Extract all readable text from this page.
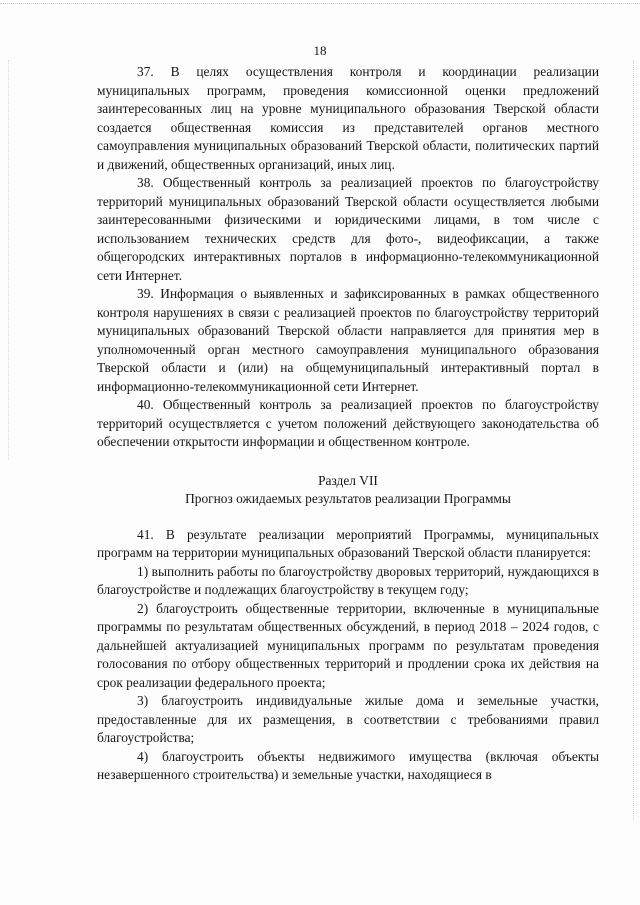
18

37. В целях осуществления контроля и координации реализации муниципальных программ, проведения комиссионной оценки предложений заинтересованных лиц на уровне муниципального образования Тверской области создается общественная комиссия из представителей органов местного самоуправления муниципальных образований Тверской области, политических партий и движений, общественных организаций, иных лиц.

38. Общественный контроль за реализацией проектов по благоустройству территорий муниципальных образований Тверской области осуществляется любыми заинтересованными физическими и юридическими лицами, в том числе с использованием технических средств для фото-, видеофиксации, а также общегородских интерактивных порталов в информационно-телекоммуникационной сети Интернет.

39. Информация о выявленных и зафиксированных в рамках общественного контроля нарушениях в связи с реализацией проектов по благоустройству территорий муниципальных образований Тверской области направляется для принятия мер в уполномоченный орган местного самоуправления муниципального образования Тверской области и (или) на общемуниципальный интерактивный портал в информационно-телекоммуникационной сети Интернет.

40. Общественный контроль за реализацией проектов по благоустройству территорий осуществляется с учетом положений действующего законодательства об обеспечении открытости информации и общественном контроле.

Раздел VII

Прогноз ожидаемых результатов реализации Программы

41. В результате реализации мероприятий Программы, муниципальных программ на территории муниципальных образований Тверской области планируется:

1) выполнить работы по благоустройству дворовых территорий, нуждающихся в благоустройстве и подлежащих благоустройству в текущем году;

2) благоустроить общественные территории, включенные в муниципальные программы по результатам общественных обсуждений, в период 2018 – 2024 годов, с дальнейшей актуализацией муниципальных программ по результатам проведения голосования по отбору общественных территорий и продлении срока их действия на срок реализации федерального проекта;

3) благоустроить индивидуальные жилые дома и земельные участки, предоставленные для их размещения, в соответствии с требованиями правил благоустройства;

4) благоустроить объекты недвижимого имущества (включая объекты незавершенного строительства) и земельные участки, находящиеся в
